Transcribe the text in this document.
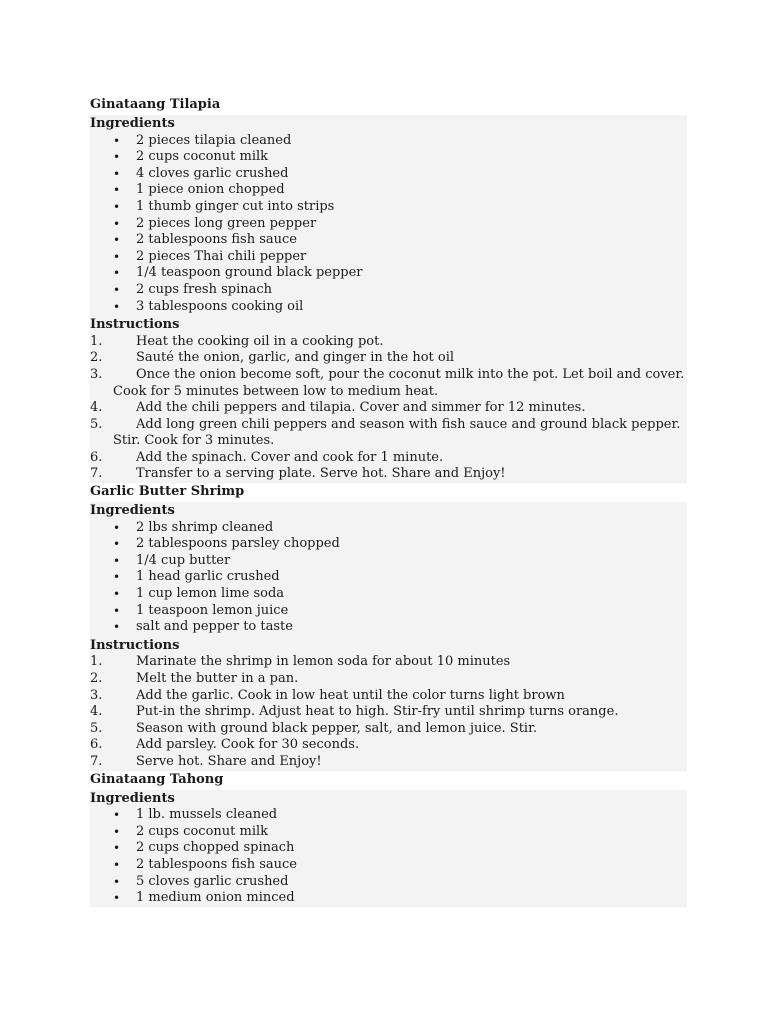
Ginataang Tilapia
Ingredients
• 2 pieces tilapia cleaned
• 2 cups coconut milk
• 4 cloves garlic crushed
• 1 piece onion chopped
• 1 thumb ginger cut into strips
• 2 pieces long green pepper
• 2 tablespoons fish sauce
• 2 pieces Thai chili pepper
• 1/4 teaspoon ground black pepper
• 2 cups fresh spinach
• 3 tablespoons cooking oil
Instructions
1.	Heat the cooking oil in a cooking pot.
2.	Sauté the onion, garlic, and ginger in the hot oil
3.	Once the onion become soft, pour the coconut milk into the pot. Let boil and cover. Cook for 5 minutes between low to medium heat.
4.	Add the chili peppers and tilapia. Cover and simmer for 12 minutes.
5.	Add long green chili peppers and season with fish sauce and ground black pepper. Stir. Cook for 3 minutes.
6.	Add the spinach. Cover and cook for 1 minute.
7.	Transfer to a serving plate. Serve hot. Share and Enjoy!
Garlic Butter Shrimp
Ingredients
• 2 lbs shrimp cleaned
• 2 tablespoons parsley chopped
• 1/4 cup butter
• 1 head garlic crushed
• 1 cup lemon lime soda
• 1 teaspoon lemon juice
• salt and pepper to taste
Instructions
1.	Marinate the shrimp in lemon soda for about 10 minutes
2.	Melt the butter in a pan.
3.	Add the garlic. Cook in low heat until the color turns light brown
4.	Put-in the shrimp. Adjust heat to high. Stir-fry until shrimp turns orange.
5.	Season with ground black pepper, salt, and lemon juice. Stir.
6.	Add parsley. Cook for 30 seconds.
7.	Serve hot. Share and Enjoy!
Ginataang Tahong
Ingredients
• 1 lb. mussels cleaned
• 2 cups coconut milk
• 2 cups chopped spinach
• 2 tablespoons fish sauce
• 5 cloves garlic crushed
• 1 medium onion minced
